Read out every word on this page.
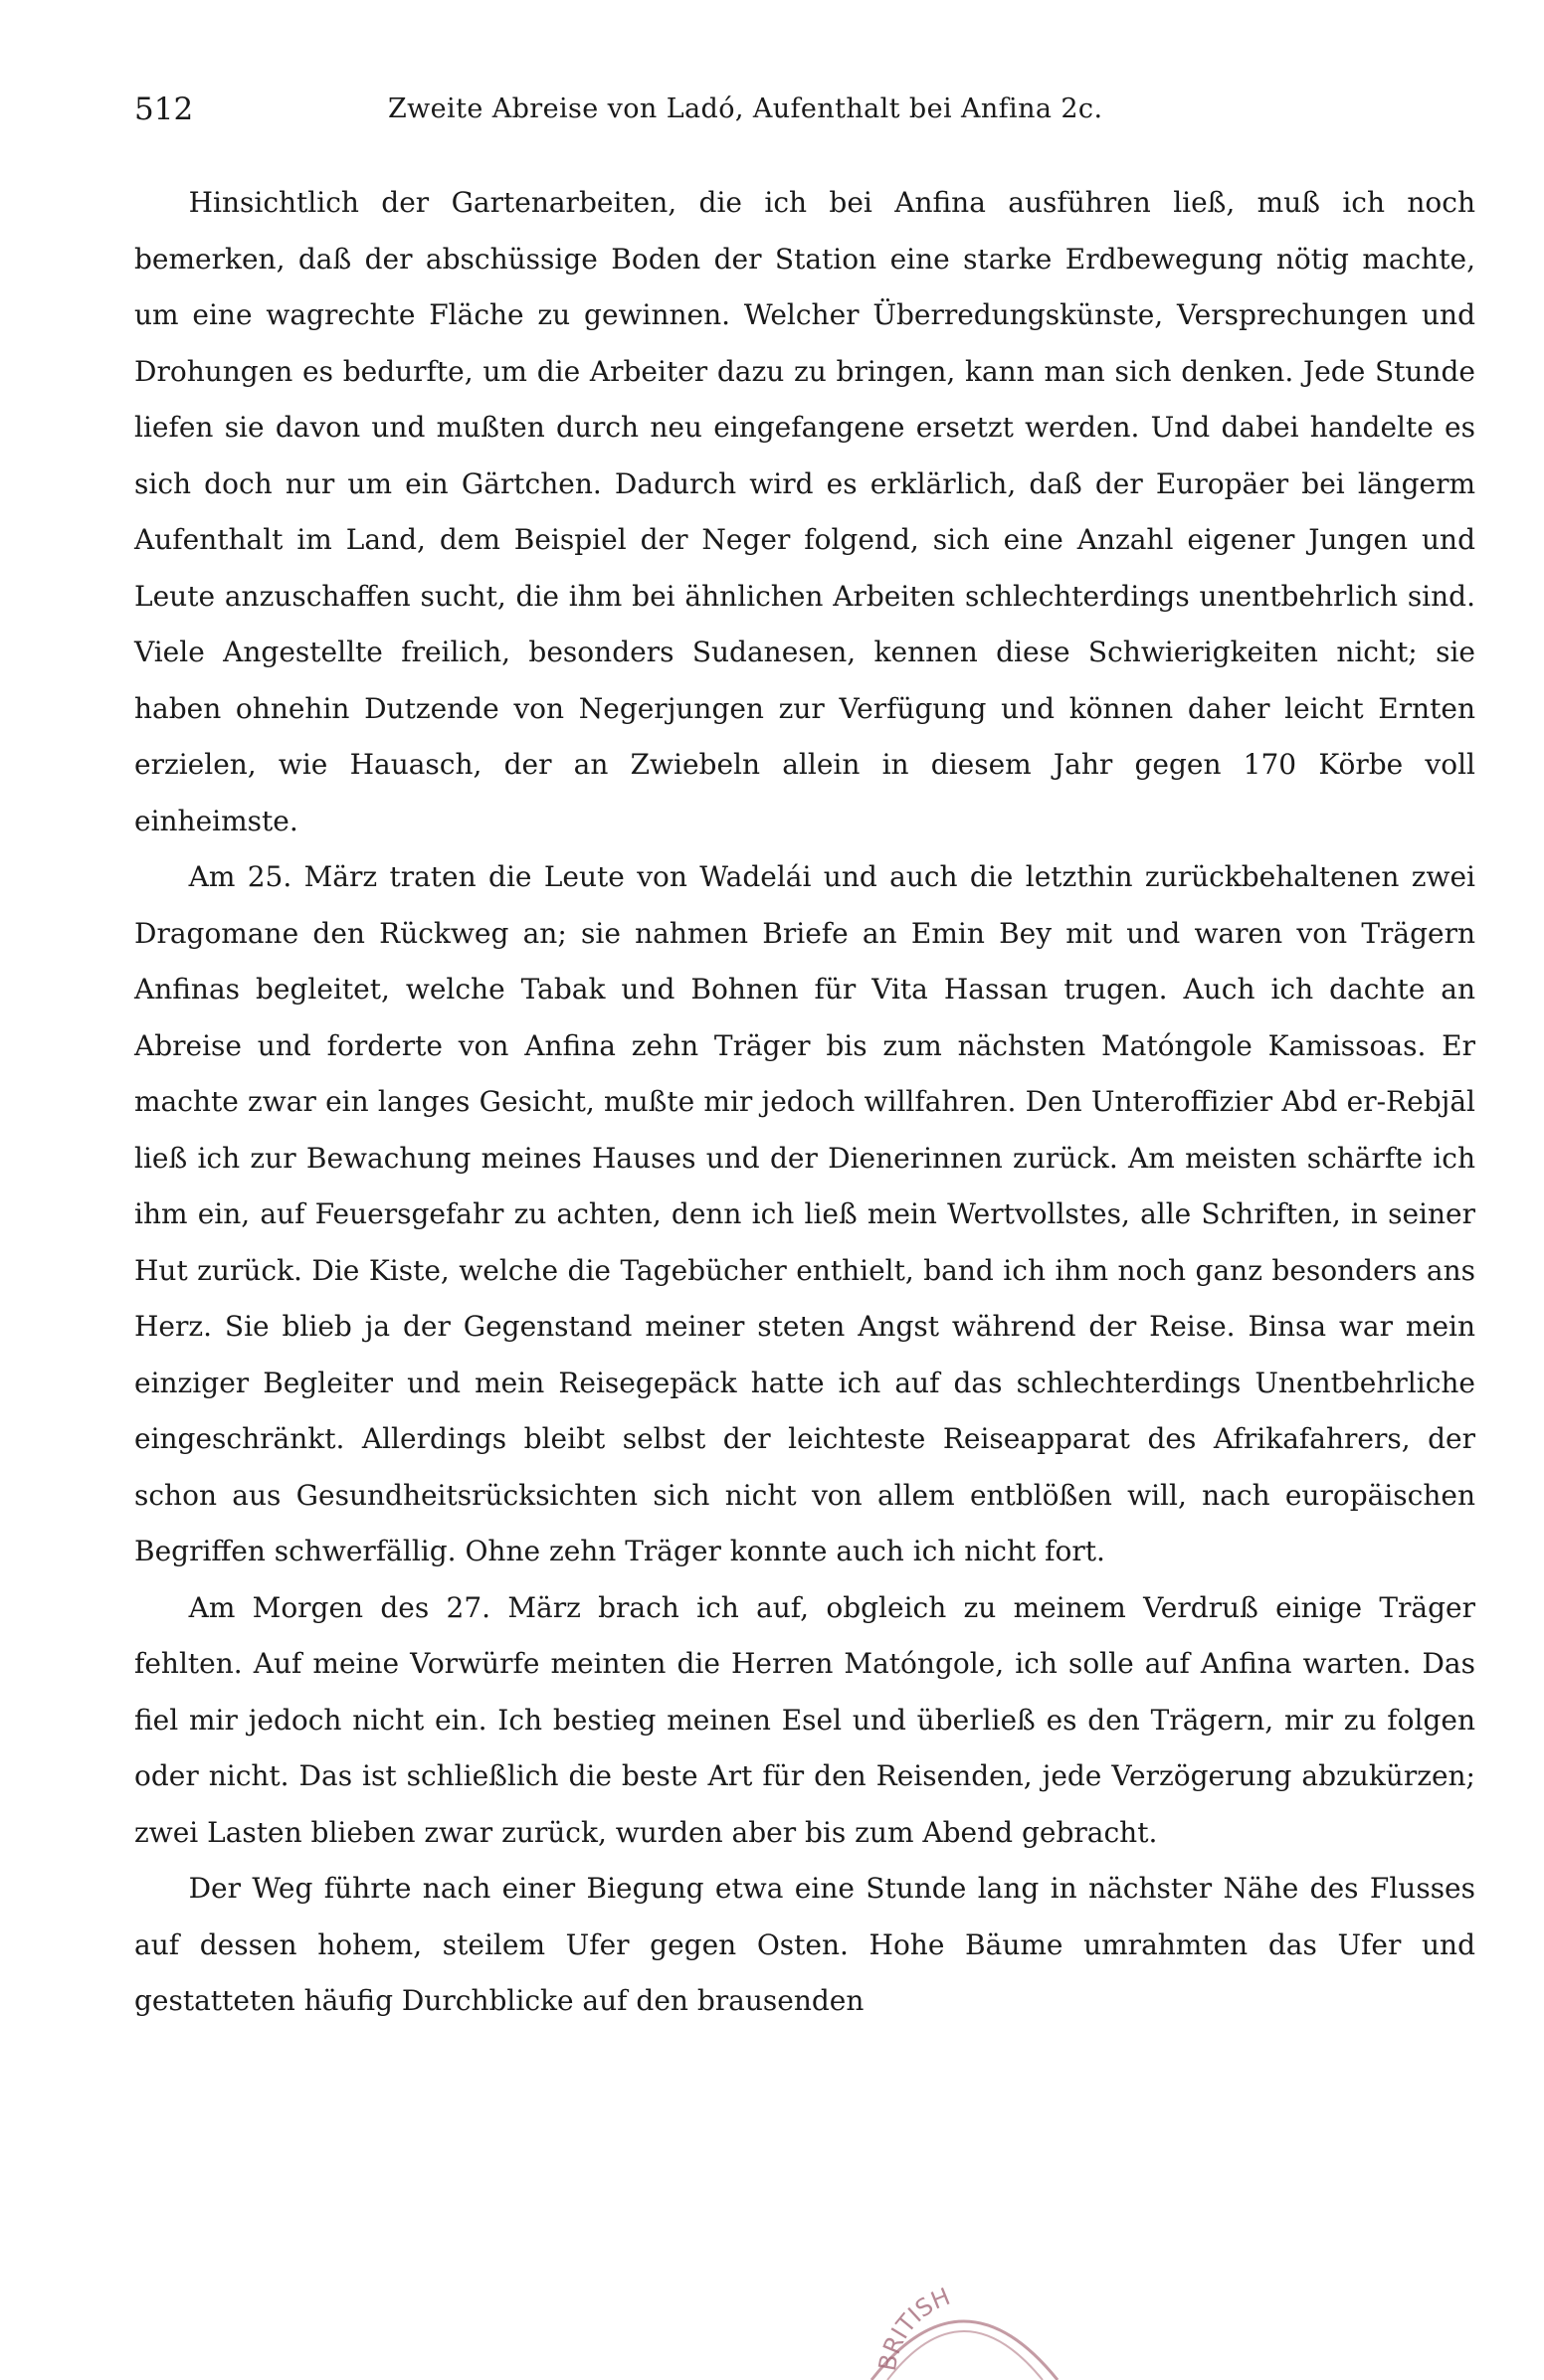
512	Zweite Abreise von Ladó, Aufenthalt bei Anfina 2c.

Hinsichtlich der Gartenarbeiten, die ich bei Anfina ausführen ließ, muß ich noch bemerken, daß der abschüssige Boden der Station eine starke Erdbewegung nötig machte, um eine wagrechte Fläche zu gewinnen. Welcher Überredungskünste, Versprechungen und Drohungen es bedurfte, um die Arbeiter dazu zu bringen, kann man sich denken. Jede Stunde liefen sie davon und mußten durch neu eingefangene ersetzt werden. Und dabei handelte es sich doch nur um ein Gärtchen. Dadurch wird es erklärlich, daß der Europäer bei längerm Aufenthalt im Land, dem Beispiel der Neger folgend, sich eine Anzahl eigener Jungen und Leute anzuschaffen sucht, die ihm bei ähnlichen Arbeiten schlechterdings unentbehrlich sind. Viele Angestellte freilich, besonders Sudanesen, kennen diese Schwierigkeiten nicht; sie haben ohnehin Dutzende von Negerjungen zur Verfügung und können daher leicht Ernten erzielen, wie Hauasch, der an Zwiebeln allein in diesem Jahr gegen 170 Körbe voll einheimste.

Am 25. März traten die Leute von Wadelái und auch die letzthin zurückbehaltenen zwei Dragomane den Rückweg an; sie nahmen Briefe an Emin Bey mit und waren von Trägern Anfinas begleitet, welche Tabak und Bohnen für Vita Hassan trugen. Auch ich dachte an Abreise und forderte von Anfina zehn Träger bis zum nächsten Matóngole Kamissoas. Er machte zwar ein langes Gesicht, mußte mir jedoch willfahren. Den Unteroffizier Abd er-Rebjāl ließ ich zur Bewachung meines Hauses und der Dienerinnen zurück. Am meisten schärfte ich ihm ein, auf Feuersgefahr zu achten, denn ich ließ mein Wertvollstes, alle Schriften, in seiner Hut zurück. Die Kiste, welche die Tagebücher enthielt, band ich ihm noch ganz besonders ans Herz. Sie blieb ja der Gegenstand meiner steten Angst während der Reise. Binsa war mein einziger Begleiter und mein Reisegepäck hatte ich auf das schlechterdings Unentbehrliche eingeschränkt. Allerdings bleibt selbst der leichteste Reiseapparat des Afrikafahrers, der schon aus Gesundheitsrücksichten sich nicht von allem entblößen will, nach europäischen Begriffen schwerfällig. Ohne zehn Träger konnte auch ich nicht fort.

Am Morgen des 27. März brach ich auf, obgleich zu meinem Verdruß einige Träger fehlten. Auf meine Vorwürfe meinten die Herren Matóngole, ich solle auf Anfina warten. Das fiel mir jedoch nicht ein. Ich bestieg meinen Esel und überließ es den Trägern, mir zu folgen oder nicht. Das ist schließlich die beste Art für den Reisenden, jede Verzögerung abzukürzen; zwei Lasten blieben zwar zurück, wurden aber bis zum Abend gebracht.

Der Weg führte nach einer Biegung etwa eine Stunde lang in nächster Nähe des Flusses auf dessen hohem, steilem Ufer gegen Osten. Hohe Bäume umrahmten das Ufer und gestatteten häufig Durchblicke auf den brausenden

BRITISH
